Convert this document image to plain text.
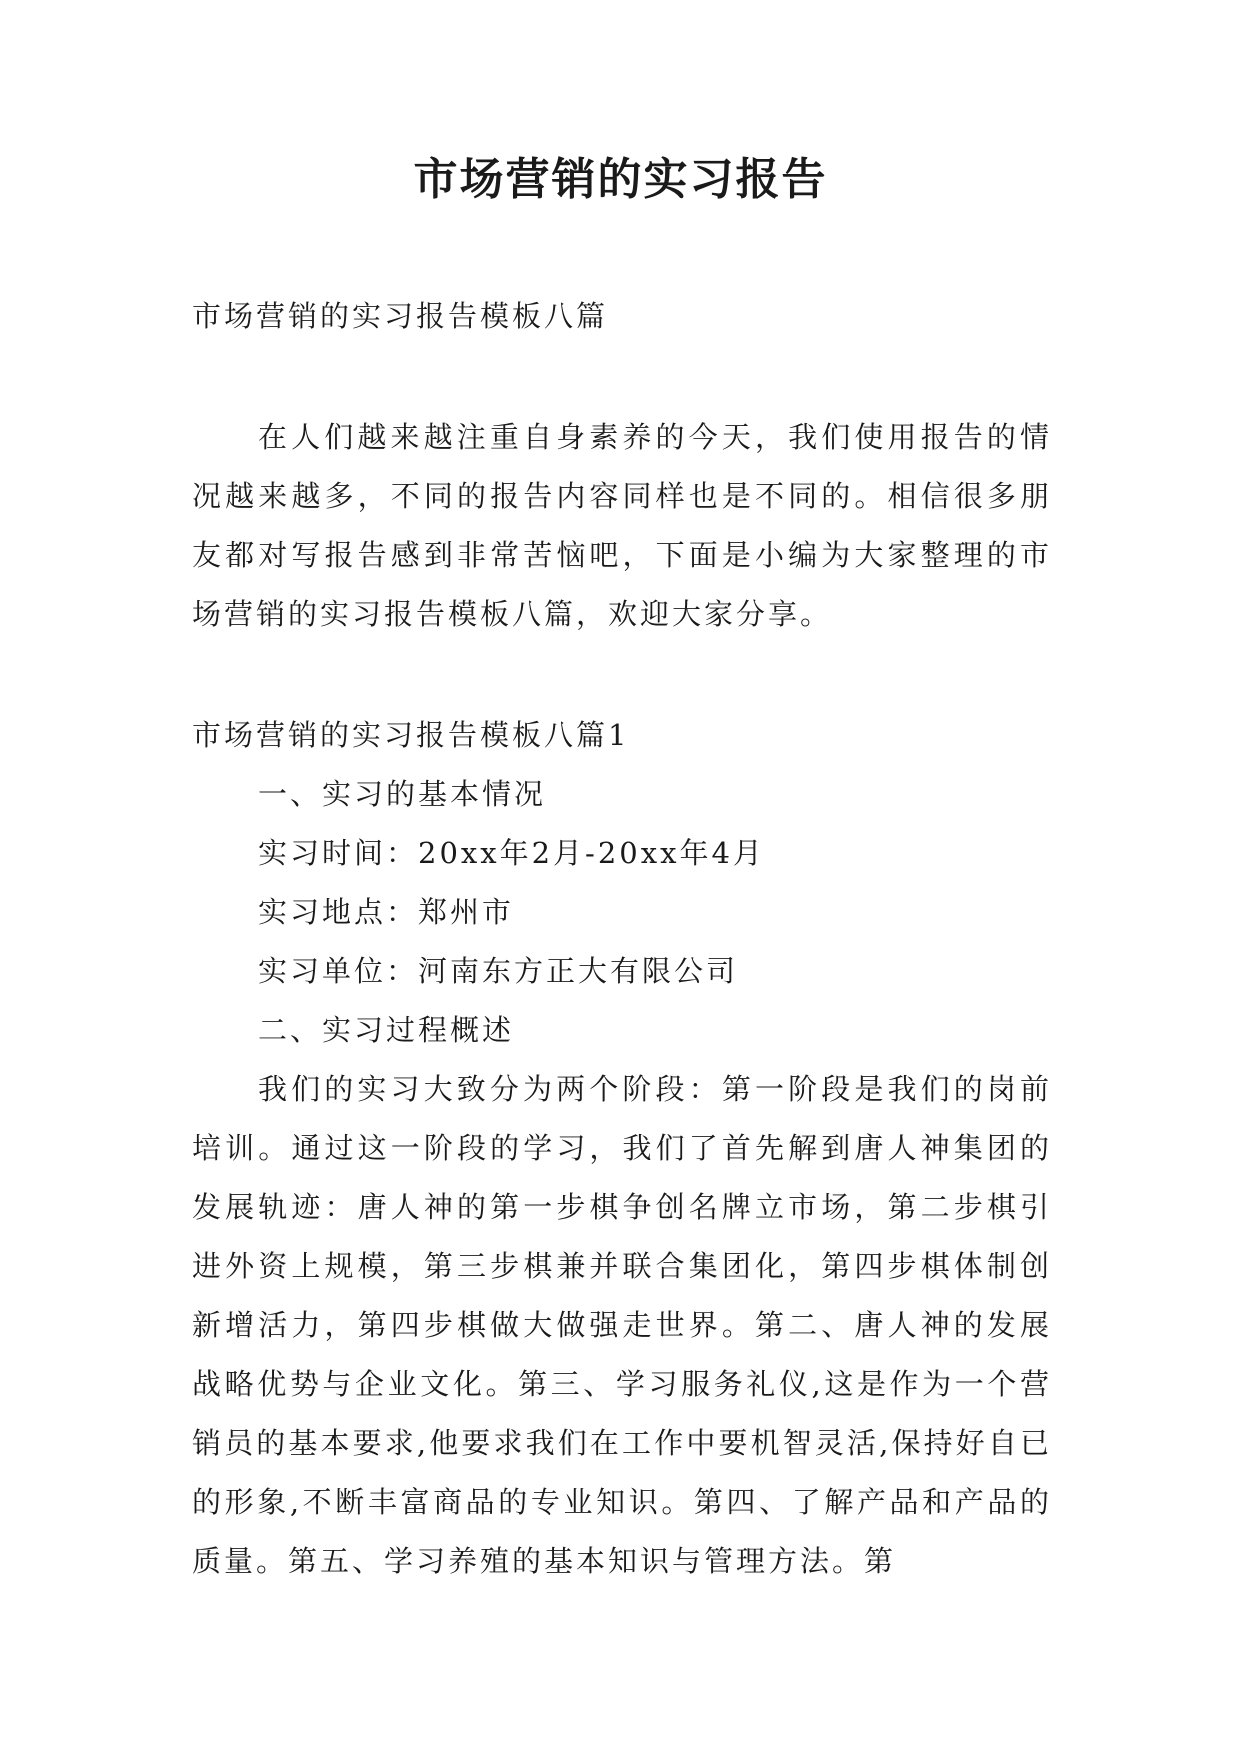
市场营销的实习报告

市场营销的实习报告模板八篇

在人们越来越注重自身素养的今天，我们使用报告的情况越来越多，不同的报告内容同样也是不同的。相信很多朋友都对写报告感到非常苦恼吧，下面是小编为大家整理的市场营销的实习报告模板八篇，欢迎大家分享。

市场营销的实习报告模板八篇1

一、实习的基本情况

实习时间：20xx年2月-20xx年4月

实习地点：郑州市

实习单位：河南东方正大有限公司

二、实习过程概述

我们的实习大致分为两个阶段：第一阶段是我们的岗前培训。通过这一阶段的学习，我们了首先解到唐人神集团的发展轨迹：唐人神的第一步棋争创名牌立市场，第二步棋引进外资上规模，第三步棋兼并联合集团化，第四步棋体制创新增活力，第四步棋做大做强走世界。第二、唐人神的发展战略优势与企业文化。第三、学习服务礼仪,这是作为一个营销员的基本要求,他要求我们在工作中要机智灵活,保持好自已的形象,不断丰富商品的专业知识。第四、了解产品和产品的质量。第五、学习养殖的基本知识与管理方法。第
